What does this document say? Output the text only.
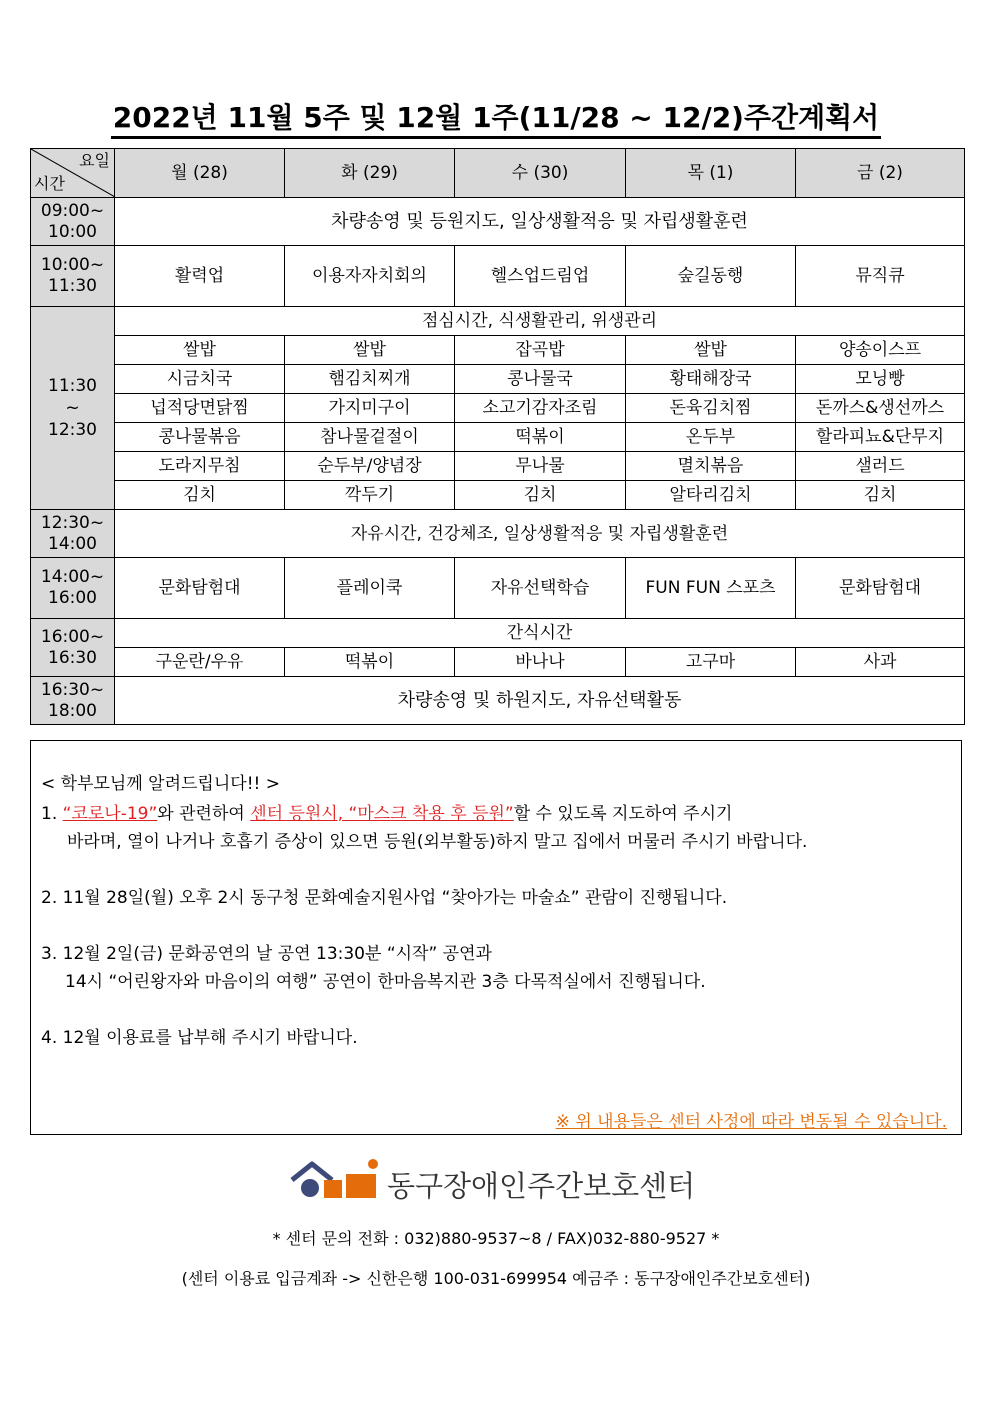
2022년 11월 5주 및 12월 1주(11/28 ~ 12/2)주간계획서
요일
시간	월 (28)	화 (29)	수 (30)	목 (1)	금 (2)
09:00~
10:00	차량송영 및 등원지도, 일상생활적응 및 자립생활훈련				
10:00~
11:30	활력업	이용자자치회의	헬스업드림업	숲길동행	뮤직큐
11:30
~
12:30	점심시간, 식생활관리, 위생관리				
	쌀밥	쌀밥	잡곡밥	쌀밥	양송이스프
	시금치국	햄김치찌개	콩나물국	황태해장국	모닝빵
	넙적당면닭찜	가지미구이	소고기감자조림	돈육김치찜	돈까스&생선까스
	콩나물볶음	참나물겉절이	떡볶이	온두부	할라피뇨&단무지
	도라지무침	순두부/양념장	무나물	멸치볶음	샐러드
	김치	깍두기	김치	알타리김치	김치
12:30~
14:00	자유시간, 건강체조, 일상생활적응 및 자립생활훈련				
14:00~
16:00	문화탐험대	플레이쿡	자유선택학습	FUN FUN 스포츠	문화탐험대
16:00~
16:30	간식시간				
	구운란/우유	떡볶이	바나나	고구마	사과
16:30~
18:00	차량송영 및 하원지도, 자유선택활동				

< 학부모님께 알려드립니다!! >

1. “코로나-19”와 관련하여 센터 등원시, “마스크 착용 후 등원”할 수 있도록 지도하여 주시기

바라며, 열이 나거나 호흡기 증상이 있으면 등원(외부활동)하지 말고 집에서 머물러 주시기 바랍니다.

2. 11월 28일(월) 오후 2시 동구청 문화예술지원사업 “찾아가는 마술쇼” 관람이 진행됩니다.

3. 12월 2일(금) 문화공연의 날 공연 13:30분 “시작” 공연과

14시 “어린왕자와 마음이의 여행” 공연이 한마음복지관 3층 다목적실에서 진행됩니다.

4. 12월 이용료를 납부해 주시기 바랍니다.

※ 위 내용들은 센터 사정에 따라 변동될 수 있습니다.
동구장애인주간보호센터
* 센터 문의 전화 : 032)880-9537~8 / FAX)032-880-9527 *
(센터 이용료 입금계좌 -> 신한은행 100-031-699954 예금주 : 동구장애인주간보호센터)
